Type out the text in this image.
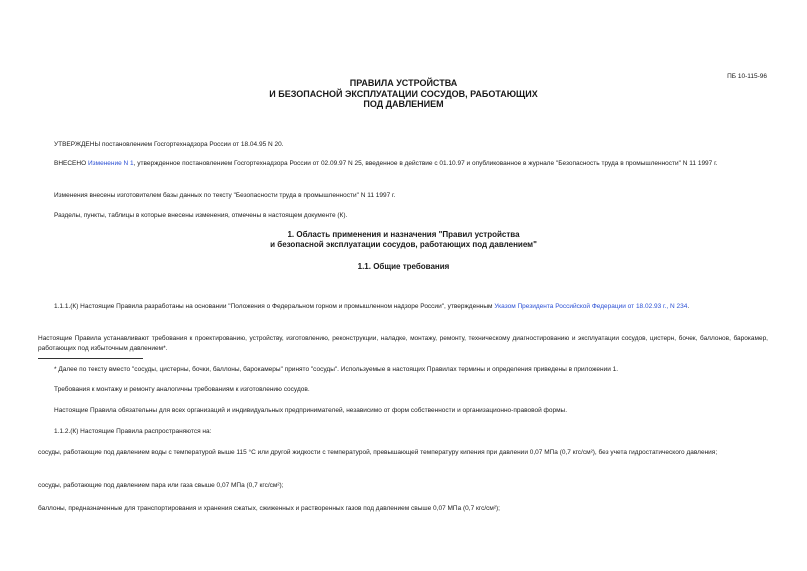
ПБ 10-115-96
ПРАВИЛА УСТРОЙСТВА
И БЕЗОПАСНОЙ ЭКСПЛУАТАЦИИ СОСУДОВ, РАБОТАЮЩИХ
ПОД ДАВЛЕНИЕМ
УТВЕРЖДЕНЫ постановлением Госгортехнадзора России от 18.04.95 N 20.
ВНЕСЕНО Изменение N 1, утвержденное постановлением Госгортехнадзора России от 02.09.97 N 25, введенное в действие с 01.10.97 и опубликованное в журнале "Безопасность труда в промышленности" N 11 1997 г.
Изменения внесены изготовителем базы данных по тексту "Безопасности труда в промышленности" N 11 1997 г.
Разделы, пункты, таблицы в которые внесены изменения, отмечены в настоящем документе (К).
1. Область применения и назначения "Правил устройства
и безопасной эксплуатации сосудов, работающих под давлением"
1.1. Общие требования
1.1.1.(К) Настоящие Правила разработаны на основании "Положения о Федеральном горном и промышленном надзоре России", утвержденным Указом Президента Российской Федерации от 18.02.93 г., N 234.
Настоящие Правила устанавливают требования к проектированию, устройству, изготовлению, реконструкции, наладке, монтажу, ремонту, техническому диагностированию и эксплуатации сосудов, цистерн, бочек, баллонов, барокамер, работающих под избыточным давлением*.
* Далее по тексту вместо "сосуды, цистерны, бочки, баллоны, барокамеры" принято "сосуды". Используемые в настоящих Правилах термины и определения приведены в приложении 1.
Требования к монтажу и ремонту аналогичны требованиям к изготовлению сосудов.
Настоящие Правила обязательны для всех организаций и индивидуальных предпринимателей, независимо от форм собственности и организационно-правовой формы.
1.1.2.(К) Настоящие Правила распространяются на:
сосуды, работающие под давлением воды с температурой выше 115 °С или другой жидкости с температурой, превышающей температуру кипения при давлении 0,07 МПа (0,7 кгс/см²), без учета гидростатического давления;
сосуды, работающие под давлением пара или газа свыше 0,07 МПа (0,7 кгс/см²);
баллоны, предназначенные для транспортирования и хранения сжатых, сжиженных и растворенных газов под давлением свыше 0,07 МПа (0,7 кгс/см²);
